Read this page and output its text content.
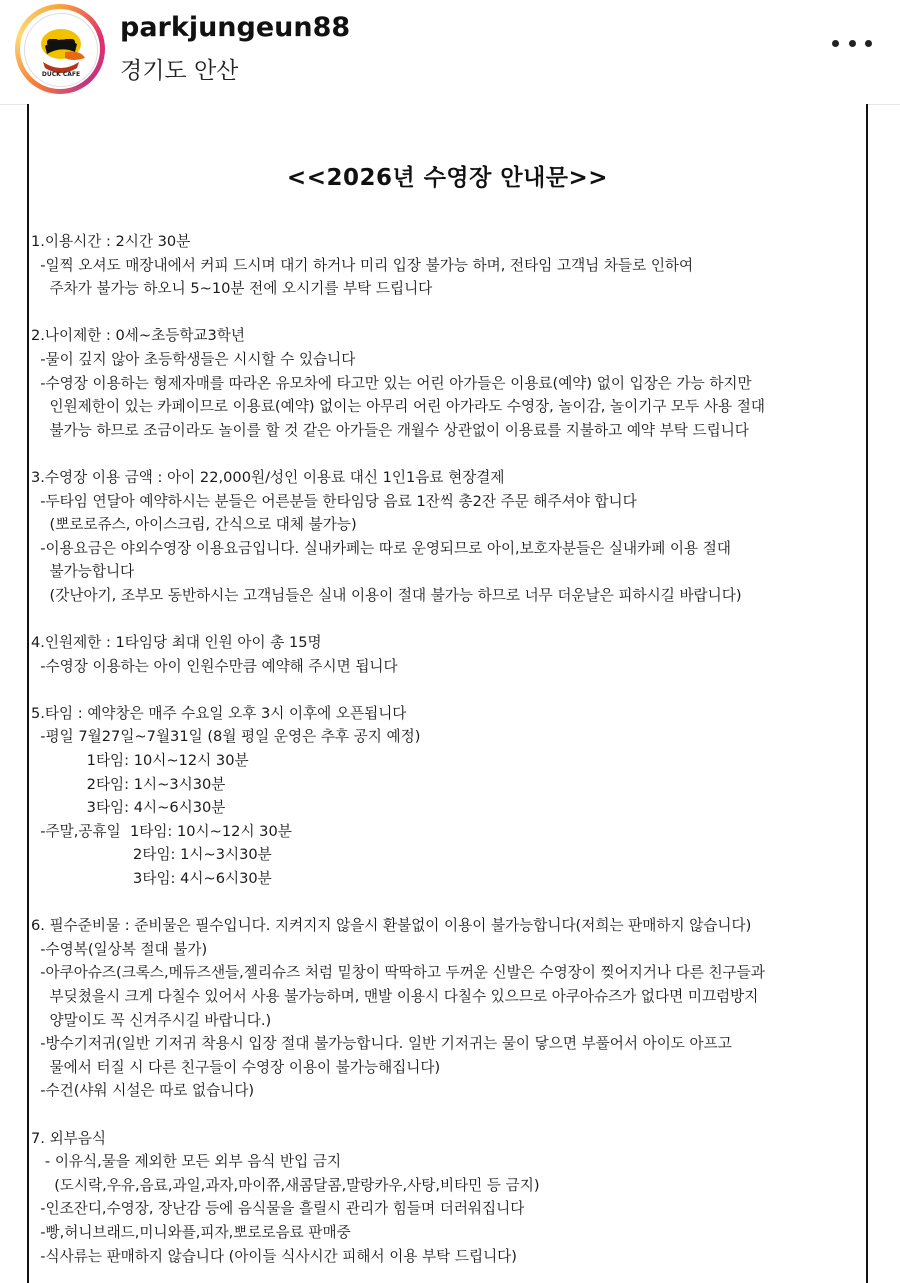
DUCK CAFE
parkjungeun88
경기도 안산
<<2026년 수영장 안내문>>
1.이용시간 : 2시간 30분
-일찍 오셔도 매장내에서 커피 드시며 대기 하거나 미리 입장 불가능 하며, 전타임 고객님 차들로 인하여
주차가 불가능 하오니 5~10분 전에 오시기를 부탁 드립니다
2.나이제한 : 0세~초등학교3학년
-물이 깊지 않아 초등학생들은 시시할 수 있습니다
-수영장 이용하는 형제자매를 따라온 유모차에 타고만 있는 어린 아가들은 이용료(예약) 없이 입장은 가능 하지만
인원제한이 있는 카페이므로 이용료(예약) 없이는 아무리 어린 아가라도 수영장, 놀이감, 놀이기구 모두 사용 절대
불가능 하므로 조금이라도 놀이를 할 것 같은 아가들은 개월수 상관없이 이용료를 지불하고 예약 부탁 드립니다
3.수영장 이용 금액 : 아이 22,000원/성인 이용료 대신 1인1음료 현장결제
-두타임 연달아 예약하시는 분들은 어른분들 한타임당 음료 1잔씩 총2잔 주문 해주셔야 합니다
(뽀로로쥬스, 아이스크림, 간식으로 대체 불가능)
-이용요금은 야외수영장 이용요금입니다. 실내카페는 따로 운영되므로 아이,보호자분들은 실내카페 이용 절대
불가능합니다
(갓난아기, 조부모 동반하시는 고객님들은 실내 이용이 절대 불가능 하므로 너무 더운날은 피하시길 바랍니다)
4.인원제한 : 1타임당 최대 인원 아이 총 15명
-수영장 이용하는 아이 인원수만큼 예약해 주시면 됩니다
5.타임 : 예약창은 매주 수요일 오후 3시 이후에 오픈됩니다
-평일 7월27일~7월31일 (8월 평일 운영은 추후 공지 예정)
1타임: 10시~12시 30분
2타임: 1시~3시30분
3타임: 4시~6시30분
-주말,공휴일  1타임: 10시~12시 30분
2타임: 1시~3시30분
3타임: 4시~6시30분
6. 필수준비물 : 준비물은 필수입니다. 지켜지지 않을시 환불없이 이용이 불가능합니다(저희는 판매하지 않습니다)
-수영복(일상복 절대 불가)
-아쿠아슈즈(크록스,메듀즈샌들,젤리슈즈 처럼 밑창이 딱딱하고 두꺼운 신발은 수영장이 찢어지거나 다른 친구들과
부딪쳤을시 크게 다칠수 있어서 사용 불가능하며, 맨발 이용시 다칠수 있으므로 아쿠아슈즈가 없다면 미끄럼방지
양말이도 꼭 신겨주시길 바랍니다.)
-방수기저귀(일반 기저귀 착용시 입장 절대 불가능합니다. 일반 기저귀는 물이 닿으면 부풀어서 아이도 아프고
물에서 터질 시 다른 친구들이 수영장 이용이 불가능해집니다)
-수건(샤워 시설은 따로 없습니다)
7. 외부음식
- 이유식,물을 제외한 모든 외부 음식 반입 금지
(도시락,우유,음료,과일,과자,마이쮸,새콤달콤,말랑카우,사탕,비타민 등 금지)
-인조잔디,수영장, 장난감 등에 음식물을 흘릴시 관리가 힘들며 더러워집니다
-빵,허니브래드,미니와플,피자,뽀로로음료 판매중
-식사류는 판매하지 않습니다 (아이들 식사시간 피해서 이용 부탁 드립니다)
